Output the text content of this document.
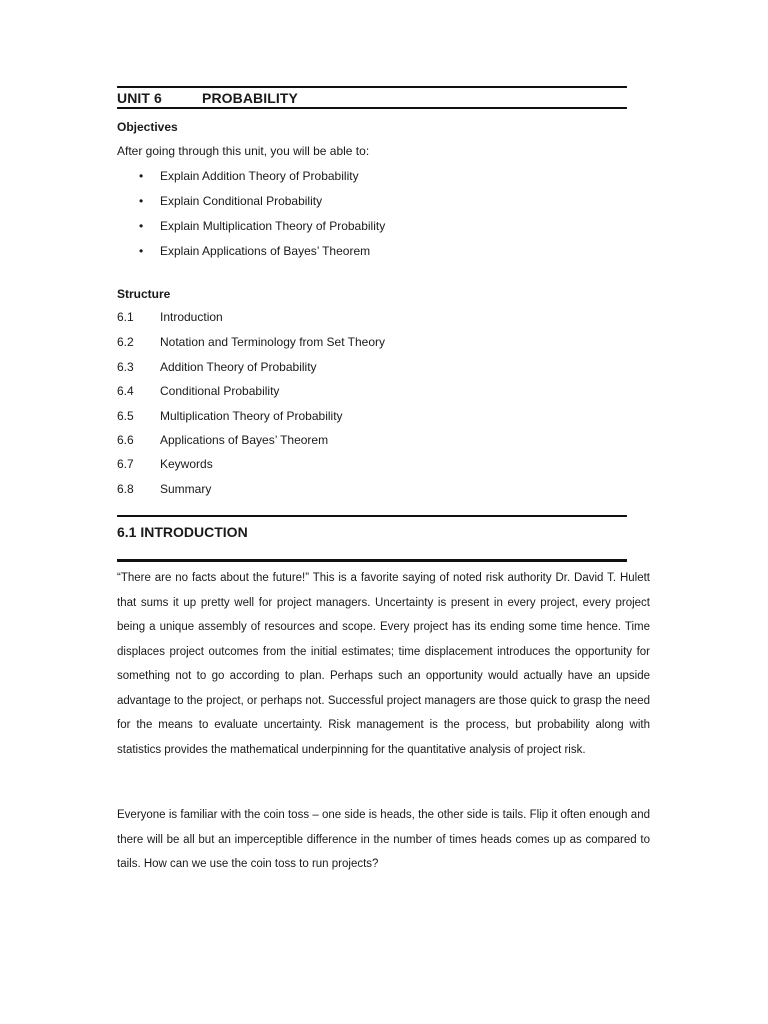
UNIT 6	PROBABILITY
Objectives
After going through this unit, you will be able to:
• Explain Addition Theory of Probability
• Explain Conditional Probability
• Explain Multiplication Theory of Probability
• Explain Applications of Bayes’ Theorem
Structure
6.1 Introduction
6.2 Notation and Terminology from Set Theory
6.3 Addition Theory of Probability
6.4 Conditional Probability
6.5 Multiplication Theory of Probability
6.6 Applications of Bayes’ Theorem
6.7 Keywords
6.8 Summary
6.1 INTRODUCTION

“There are no facts about the future!” This is a favorite saying of noted risk authority Dr. David T. Hulett that sums it up pretty well for project managers. Uncertainty is present in every project, every project being a unique assembly of resources and scope. Every project has its ending some time hence. Time displaces project outcomes from the initial estimates; time displacement introduces the opportunity for something not to go according to plan. Perhaps such an opportunity would actually have an upside advantage to the project, or perhaps not. Successful project managers are those quick to grasp the need for the means to evaluate uncertainty. Risk management is the process, but probability along with statistics provides the mathematical underpinning for the quantitative analysis of project risk.

Everyone is familiar with the coin toss – one side is heads, the other side is tails. Flip it often enough and there will be all but an imperceptible difference in the number of times heads comes up as compared to tails. How can we use the coin toss to run projects?
